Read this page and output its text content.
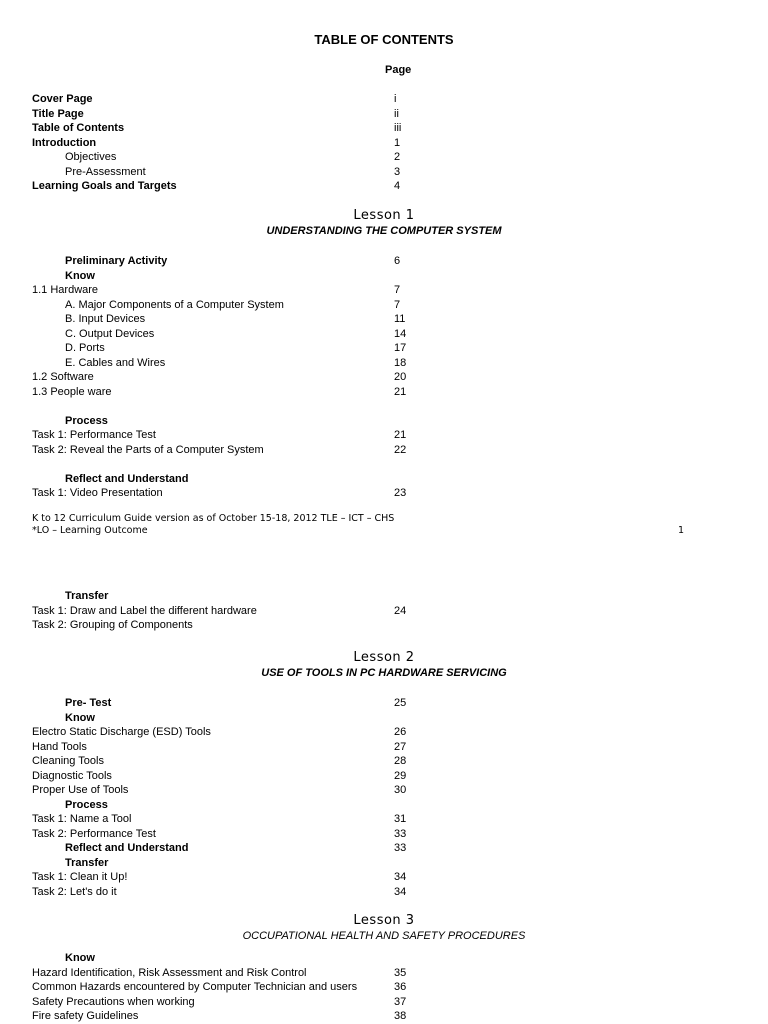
TABLE OF CONTENTS
Page
Lesson 1
UNDERSTANDING THE COMPUTER SYSTEM
K to 12 Curriculum Guide version as of October 15-18, 2012 TLE – ICT – CHS
*LO – Learning Outcome	1
Lesson 2
USE OF TOOLS IN PC HARDWARE SERVICING
Lesson 3
OCCUPATIONAL HEALTH AND SAFETY PROCEDURES
Cover Page	i
Title Page	ii
Table of Contents	iii
Introduction	1
Objectives	2
Pre-Assessment	3
Learning Goals and Targets	4
Preliminary Activity	6
Know
1.1 Hardware	7
A. Major Components of a Computer System	7
B. Input Devices	11
C. Output Devices	14
D. Ports	17
E. Cables and Wires	18
1.2 Software	20
1.3 People ware	21
Process
Task 1: Performance Test	21
Task 2: Reveal the Parts of a Computer System	22
Reflect and Understand
Task 1: Video Presentation	23
Transfer
Task 1: Draw and Label the different hardware	24
Task 2: Grouping of Components
Pre- Test	25
Know
Electro Static Discharge (ESD) Tools	26
Hand Tools	27
Cleaning Tools	28
Diagnostic Tools	29
Proper Use of Tools	30
Process
Task 1: Name a Tool	31
Task 2: Performance Test	33
Reflect and Understand	33
Transfer
Task 1: Clean it Up!	34
Task 2: Let's do it	34
Know
Hazard Identification, Risk Assessment and Risk Control	35
Common Hazards encountered by Computer Technician and users	36
Safety Precautions when working	37
Fire safety Guidelines	38
